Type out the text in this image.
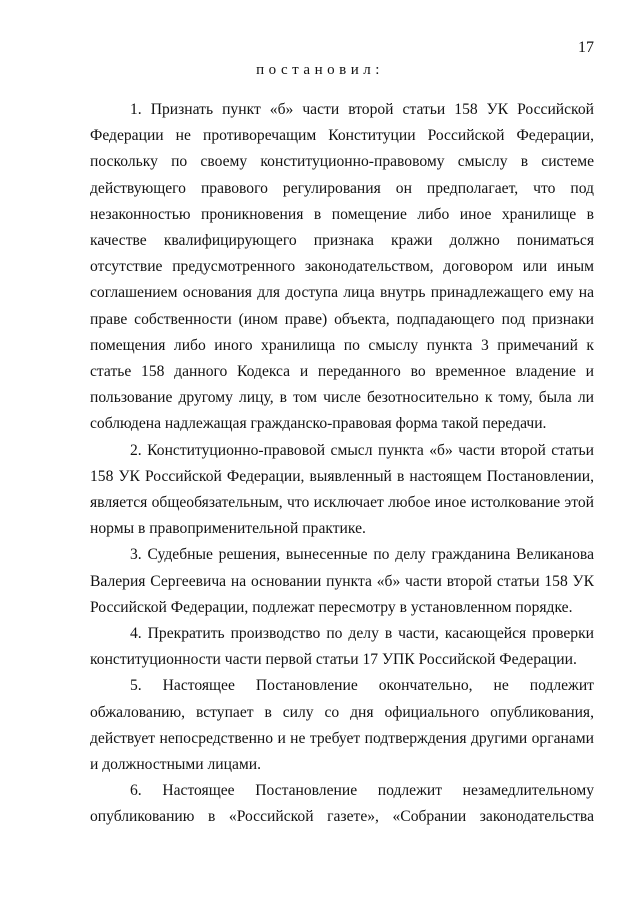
17
постановил:

1. Признать пункт «б» части второй статьи 158 УК Российской Федерации не противоречащим Конституции Российской Федерации, поскольку по своему конституционно-правовому смыслу в системе действующего правового регулирования он предполагает, что под незаконностью проникновения в помещение либо иное хранилище в качестве квалифицирующего признака кражи должно пониматься отсутствие предусмотренного законодательством, договором или иным соглашением основания для доступа лица внутрь принадлежащего ему на праве собственности (ином праве) объекта, подпадающего под признаки помещения либо иного хранилища по смыслу пункта 3 примечаний к статье 158 данного Кодекса и переданного во временное владение и пользование другому лицу, в том числе безотносительно к тому, была ли соблюдена надлежащая гражданско-правовая форма такой передачи.

2. Конституционно-правовой смысл пункта «б» части второй статьи 158 УК Российской Федерации, выявленный в настоящем Постановлении, является общеобязательным, что исключает любое иное истолкование этой нормы в правоприменительной практике.

3. Судебные решения, вынесенные по делу гражданина Великанова Валерия Сергеевича на основании пункта «б» части второй статьи 158 УК Российской Федерации, подлежат пересмотру в установленном порядке.

4. Прекратить производство по делу в части, касающейся проверки конституционности части первой статьи 17 УПК Российской Федерации.

5. Настоящее Постановление окончательно, не подлежит обжалованию, вступает в силу со дня официального опубликования, действует непосредственно и не требует подтверждения другими органами и должностными лицами.

6. Настоящее Постановление подлежит незамедлительному опубликованию в «Российской газете», «Собрании законодательства
